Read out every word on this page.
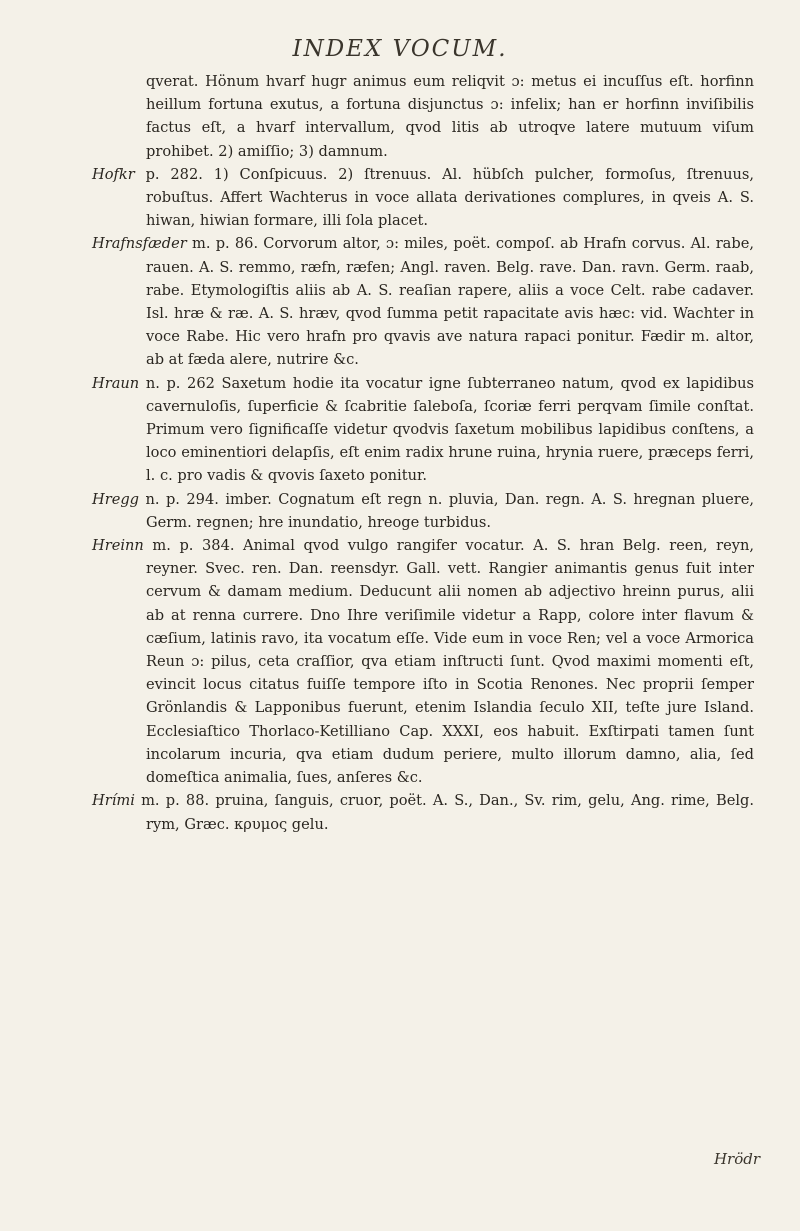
INDEX VOCUM.

qverat. Hönum hvarf hugr animus eum reliqvit ɔ: metus ei incuſſus eſt. horfinn heillum fortuna exutus, a fortuna disjunctus ɔ: infelix; han er horfinn inviſibilis factus eſt, a hvarf intervallum, qvod litis ab utroqve latere mutuum viſum prohibet. 2) amiſſio; 3) damnum.

Hofkr p. 282. 1) Conſpicuus. 2) ſtrenuus. Al. hübſch pulcher, formoſus, ſtrenuus, robuſtus. Affert Wachterus in voce allata derivationes complures, in qveis A. S. hiwan, hiwian formare, illi ſola placet.

Hrafnsfæder m. p. 86. Corvorum altor, ɔ: miles, poët. compoſ. ab Hrafn corvus. Al. rabe, rauen. A. S. remmo, ræfn, ræfen; Angl. raven. Belg. rave. Dan. ravn. Germ. raab, rabe. Etymologiſtis aliis ab A. S. reaſian rapere, aliis a voce Celt. rabe cadaver. Isl. hræ & ræ. A. S. hræv, qvod ſumma petit rapacitate avis hæc: vid. Wachter in voce Rabe. Hic vero hrafn pro qvavis ave natura rapaci ponitur. Fædir m. altor, ab at fæda alere, nutrire &c.

Hraun n. p. 262 Saxetum hodie ita vocatur igne ſubterraneo natum, qvod ex lapidibus cavernuloſis, ſuperficie & ſcabritie ſaleboſa, ſcoriæ ferri perqvam ſimile conſtat. Primum vero ſignificaſſe videtur qvodvis ſaxetum mobilibus lapidibus conſtens, a loco eminentiori delapſis, eſt enim radix hrune ruina, hrynia ruere, præceps ferri, l. c. pro vadis & qvovis ſaxeto ponitur.

Hregg n. p. 294. imber. Cognatum eſt regn n. pluvia, Dan. regn. A. S. hregnan pluere, Germ. regnen; hre inundatio, hreoge turbidus.

Hreinn m. p. 384. Animal qvod vulgo rangifer vocatur. A. S. hran Belg. reen, reyn, reyner. Svec. ren. Dan. reensdyr. Gall. vett. Rangier animantis genus fuit inter cervum & damam medium. Deducunt alii nomen ab adjectivo hreinn purus, alii ab at renna currere. Dno Ihre veriſimile videtur a Rapp, colore inter flavum & cæſium, latinis ravo, ita vocatum eſſe. Vide eum in voce Ren; vel a voce Armorica Reun ɔ: pilus, ceta craſſior, qva etiam inſtructi ſunt. Qvod maximi momenti eſt, evincit locus citatus fuiſſe tempore iſto in Scotia Renones. Nec proprii ſemper Grönlandis & Lapponibus fuerunt, etenim Islandia ſeculo XII, teſte jure Island. Ecclesiaſtico Thorlaco-Ketilliano Cap. XXXI, eos habuit. Exſtirpati tamen ſunt incolarum incuria, qva etiam dudum periere, multo illorum damno, alia, ſed domeſtica animalia, ſues, anſeres &c.

Hrími m. p. 88. pruina, ſanguis, cruor, poët. A. S., Dan., Sv. rim, gelu, Ang. rime, Belg. rym, Græc. κρυμος gelu.

Hrödr
